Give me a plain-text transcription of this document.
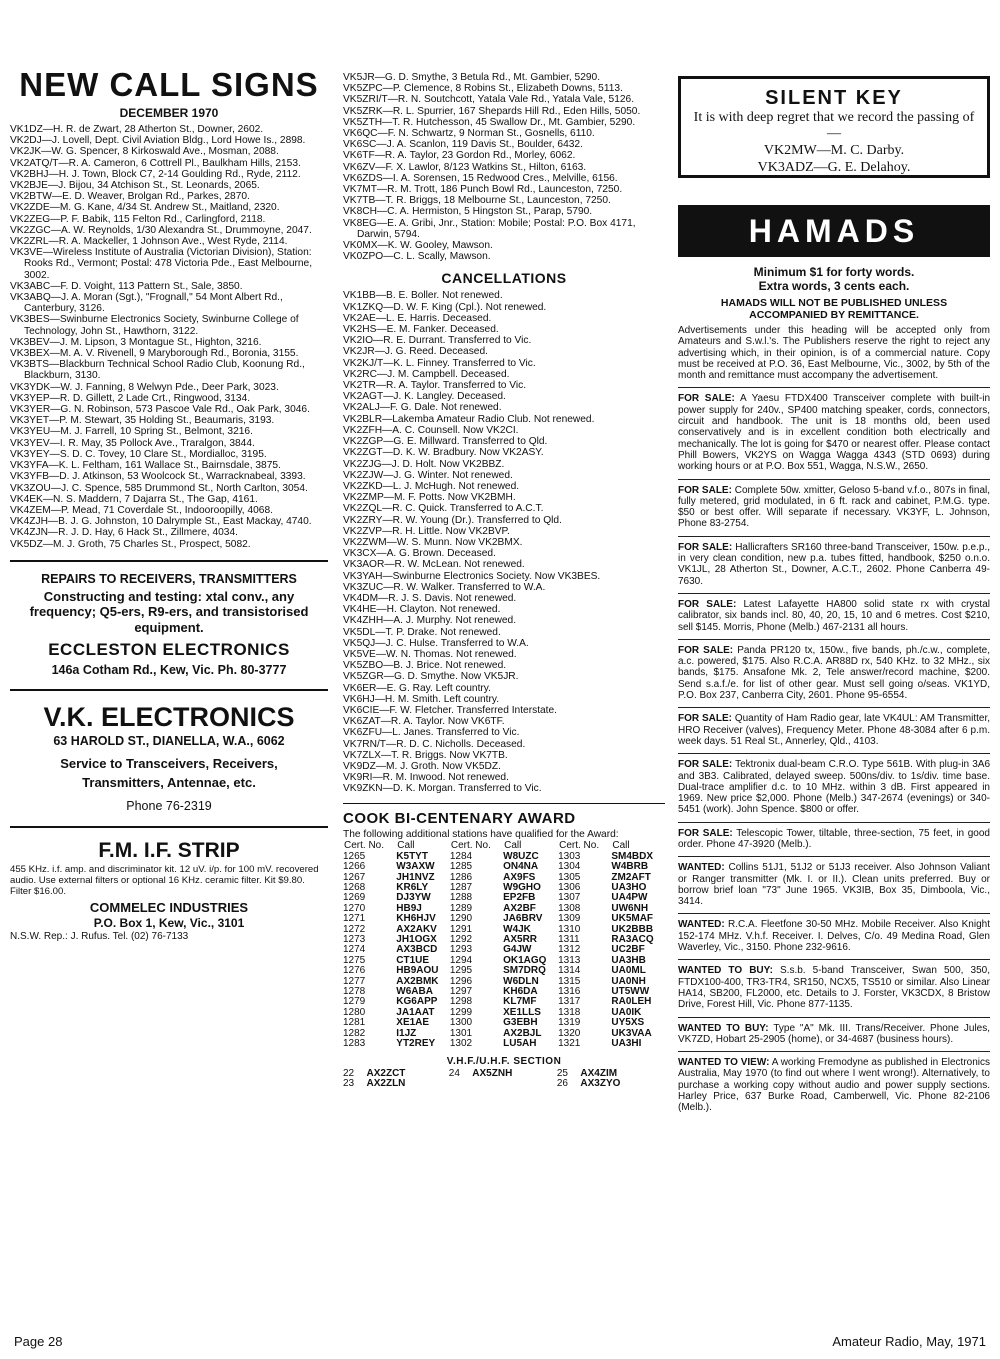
NEW CALL SIGNS
DECEMBER 1970

VK1DZ—H. R. de Zwart, 28 Atherton St., Downer, 2602.

VK2DJ—J. Lovell, Dept. Civil Aviation Bldg., Lord Howe Is., 2898.

VK2JK—W. G. Spencer, 8 Kirkoswald Ave., Mosman, 2088.

VK2ATQ/T—R. A. Cameron, 6 Cottrell Pl., Baulkham Hills, 2153.

VK2BHJ—H. J. Town, Block C7, 2-14 Goulding Rd., Ryde, 2112.

VK2BJE—J. Bijou, 34 Atchison St., St. Leonards, 2065.

VK2BTW—E. D. Weaver, Brolgan Rd., Parkes, 2870.

VK2ZDE—M. G. Kane, 4/34 St. Andrew St., Maitland, 2320.

VK2ZEG—P. F. Babik, 115 Felton Rd., Carlingford, 2118.

VK2ZGC—A. W. Reynolds, 1/30 Alexandra St., Drummoyne, 2047.

VK2ZRL—R. A. Mackeller, 1 Johnson Ave., West Ryde, 2114.

VK3VE—Wireless Institute of Australia (Victorian Division), Station: Rooks Rd., Vermont; Postal: 478 Victoria Pde., East Melbourne, 3002.

VK3ABC—F. D. Voight, 113 Pattern St., Sale, 3850.

VK3ABQ—J. A. Moran (Sgt.), "Frognall," 54 Mont Albert Rd., Canterbury, 3126.

VK3BES—Swinburne Electronics Society, Swinburne College of Technology, John St., Hawthorn, 3122.

VK3BEV—J. M. Lipson, 3 Montague St., Highton, 3216.

VK3BEX—M. A. V. Rivenell, 9 Maryborough Rd., Boronia, 3155.

VK3BTS—Blackburn Technical School Radio Club, Koonung Rd., Blackburn, 3130.

VK3YDK—W. J. Fanning, 8 Welwyn Pde., Deer Park, 3023.

VK3YEP—R. D. Gillett, 2 Lade Crt., Ringwood, 3134.

VK3YER—G. N. Robinson, 573 Pascoe Vale Rd., Oak Park, 3046.

VK3YET—P. M. Stewart, 35 Holding St., Beaumaris, 3193.

VK3YEU—M. J. Farrell, 10 Spring St., Belmont, 3216.

VK3YEV—I. R. May, 35 Pollock Ave., Traralgon, 3844.

VK3YEY—S. D. C. Tovey, 10 Clare St., Mordialloc, 3195.

VK3YFA—K. L. Feltham, 161 Wallace St., Bairnsdale, 3875.

VK3YFB—D. J. Atkinson, 53 Woolcock St., Warracknabeal, 3393.

VK3ZOU—J. C. Spence, 585 Drummond St., North Carlton, 3054.

VK4EK—N. S. Maddern, 7 Dajarra St., The Gap, 4161.

VK4ZEM—P. Mead, 71 Coverdale St., Indooroopilly, 4068.

VK4ZJH—B. J. G. Johnston, 10 Dalrymple St., East Mackay, 4740.

VK4ZJN—R. J. D. Hay, 6 Hack St., Zillmere, 4034.

VK5DZ—M. J. Groth, 75 Charles St., Prospect, 5082.

REPAIRS TO RECEIVERS, TRANSMITTERS
Constructing and testing: xtal conv., any frequency; Q5-ers, R9-ers, and transistorised equipment.
ECCLESTON ELECTRONICS
146a Cotham Rd., Kew, Vic. Ph. 80-3777
V.K. ELECTRONICS
63 HAROLD ST., DIANELLA, W.A., 6062
Service to Transceivers, Receivers, Transmitters, Antennae, etc.
Phone 76-2319
F.M. I.F. STRIP
455 KHz. i.f. amp. and discriminator kit. 12 uV. i/p. for 100 mV. recovered audio. Use external filters or optional 16 KHz. ceramic filter. Kit $9.80. Filter $16.00.
COMMELEC INDUSTRIES
P.O. Box 1, Kew, Vic., 3101
N.S.W. Rep.: J. Rufus. Tel. (02) 76-7133

VK5JR—G. D. Smythe, 3 Betula Rd., Mt. Gambier, 5290.

VK5ZPC—P. Clemence, 8 Robins St., Elizabeth Downs, 5113.

VK5ZRI/T—R. N. Soutchcott, Yatala Vale Rd., Yatala Vale, 5126.

VK5ZRK—R. L. Spurrier, 167 Shepards Hill Rd., Eden Hills, 5050.

VK5ZTH—T. R. Hutchesson, 45 Swallow Dr., Mt. Gambier, 5290.

VK6QC—F. N. Schwartz, 9 Norman St., Gosnells, 6110.

VK6SC—J. A. Scanlon, 119 Davis St., Boulder, 6432.

VK6TF—R. A. Taylor, 23 Gordon Rd., Morley, 6062.

VK6ZV—F. X. Lawlor, 8/123 Watkins St., Hilton, 6163.

VK6ZDS—I. A. Sorensen, 15 Redwood Cres., Melville, 6156.

VK7MT—R. M. Trott, 186 Punch Bowl Rd., Launceston, 7250.

VK7TB—T. R. Briggs, 18 Melbourne St., Launceston, 7250.

VK8CH—C. A. Hermiston, 5 Hingston St., Parap, 5790.

VK8EG—E. A. Gribi, Jnr., Station: Mobile; Postal: P.O. Box 4171, Darwin, 5794.

VK0MX—K. W. Gooley, Mawson.

VK0ZPO—C. L. Scally, Mawson.

CANCELLATIONS

VK1BB—B. E. Boller. Not renewed.

VK1ZKQ—D. W. F. King (Cpl.). Not renewed.

VK2AE—L. E. Harris. Deceased.

VK2HS—E. M. Fanker. Deceased.

VK2IO—R. E. Durrant. Transferred to Vic.

VK2JR—J. G. Reed. Deceased.

VK2KJ/T—K. L. Finney. Transferred to Vic.

VK2RC—J. M. Campbell. Deceased.

VK2TR—R. A. Taylor. Transferred to Vic.

VK2AGT—J. K. Langley. Deceased.

VK2ALJ—F. G. Dale. Not renewed.

VK2BLR—Lakemba Amateur Radio Club. Not renewed.

VK2ZFH—A. C. Counsell. Now VK2CI.

VK2ZGP—G. E. Millward. Transferred to Qld.

VK2ZGT—D. K. W. Bradbury. Now VK2ASY.

VK2ZJG—J. D. Holt. Now VK2BBZ.

VK2ZJW—J. G. Winter. Not renewed.

VK2ZKD—L. J. McHugh. Not renewed.

VK2ZMP—M. F. Potts. Now VK2BMH.

VK2ZQL—R. C. Quick. Transferred to A.C.T.

VK2ZRY—R. W. Young (Dr.). Transferred to Qld.

VK2ZVP—R. H. Little. Now VK2BVP.

VK2ZWM—W. S. Munn. Now VK2BMX.

VK3CX—A. G. Brown. Deceased.

VK3AOR—R. W. McLean. Not renewed.

VK3YAH—Swinburne Electronics Society. Now VK3BES.

VK3ZUC—R. W. Walker. Transferred to W.A.

VK4DM—R. J. S. Davis. Not renewed.

VK4HE—H. Clayton. Not renewed.

VK4ZHH—A. J. Murphy. Not renewed.

VK5DL—T. P. Drake. Not renewed.

VK5QJ—J. C. Hulse. Transferred to W.A.

VK5VE—W. N. Thomas. Not renewed.

VK5ZBO—B. J. Brice. Not renewed.

VK5ZGR—G. D. Smythe. Now VK5JR.

VK6ER—E. G. Ray. Left country.

VK6HJ—H. M. Smith. Left country.

VK6CIE—F. W. Fletcher. Transferred Interstate.

VK6ZAT—R. A. Taylor. Now VK6TF.

VK6ZFU—L. Janes. Transferred to Vic.

VK7RN/T—R. D. C. Nicholls. Deceased.

VK7ZLX—T. R. Briggs. Now VK7TB.

VK9DZ—M. J. Groth. Now VK5DZ.

VK9RI—R. M. Inwood. Not renewed.

VK9ZKN—D. K. Morgan. Transferred to Vic.

COOK BI-CENTENARY AWARD
The following additional stations have qualified for the Award:
Cert. No.	Call	Cert. No.	Call	Cert. No.	Call
1265	K5TYT	1284	W8UZC	1303	SM4BDX
1266	W3AXW	1285	ON4NA	1304	W4BRB
1267	JH1NVZ	1286	AX9FS	1305	ZM2AFT
1268	KR6LY	1287	W9GHO	1306	UA3HO
1269	DJ3YW	1288	EP2FB	1307	UA4PW
1270	HB9J	1289	AX2BF	1308	UW6NH
1271	KH6HJV	1290	JA6BRV	1309	UK5MAF
1272	AX2AKV	1291	W4JK	1310	UK2BBB
1273	JH1OGX	1292	AX5RR	1311	RA3ACQ
1274	AX3BCD	1293	G4JW	1312	UC2BF
1275	CT1UE	1294	OK1AGQ	1313	UA3HB
1276	HB9AOU	1295	SM7DRQ	1314	UA0ML
1277	AX2BMK	1296	W6DLN	1315	UA0NH
1278	W6ABA	1297	KH6DA	1316	UT5WW
1279	KG6APP	1298	KL7MF	1317	RA0LEH
1280	JA1AAT	1299	XE1LLS	1318	UA0IK
1281	XE1AE	1300	G3EBH	1319	UY5XS
1282	I1JZ	1301	AX2BJL	1320	UK3VAA
1283	YT2REY	1302	LU5AH	1321	UA3HI
V.H.F./U.H.F. SECTION
22	AX2ZCT	24	AX5ZNH	25	AX4ZIM
23	AX2ZLN			26	AX3ZYO
SILENT KEY
It is with deep regret that we record the passing of—
VK2MW—M. C. Darby.
VK3ADZ—G. E. Delahoy.
HAMADS
Minimum $1 for forty words.
Extra words, 3 cents each.
HAMADS WILL NOT BE PUBLISHED UNLESS ACCOMPANIED BY REMITTANCE.
Advertisements under this heading will be accepted only from Amateurs and S.w.l.'s. The Publishers reserve the right to reject any advertising which, in their opinion, is of a commercial nature. Copy must be received at P.O. 36, East Melbourne, Vic., 3002, by 5th of the month and remittance must accompany the advertisement.
FOR SALE: A Yaesu FTDX400 Transceiver complete with built-in power supply for 240v., SP400 matching speaker, cords, connectors, circuit and handbook. The unit is 18 months old, been used conservatively and is in excellent condition both electrically and mechanically. The lot is going for $470 or nearest offer. Please contact Phill Bowers, VK2YS on Wagga Wagga 4343 (STD 0693) during working hours or at P.O. Box 551, Wagga, N.S.W., 2650.
FOR SALE: Complete 50w. xmitter, Geloso 5-band v.f.o., 807s in final, fully metered, grid modulated, in 6 ft. rack and cabinet, P.M.G. type. $50 or best offer. Will separate if necessary. VK3YF, L. Johnson, Phone 83-2754.
FOR SALE: Hallicrafters SR160 three-band Transceiver, 150w. p.e.p., in very clean condition, new p.a. tubes fitted, handbook, $250 o.n.o. VK1JL, 28 Atherton St., Downer, A.C.T., 2602. Phone Canberra 49-7630.
FOR SALE: Latest Lafayette HA800 solid state rx with crystal calibrator, six bands incl. 80, 40, 20, 15, 10 and 6 metres. Cost $210, sell $145. Morris, Phone (Melb.) 467-2131 all hours.
FOR SALE: Panda PR120 tx, 150w., five bands, ph./c.w., complete, a.c. powered, $175. Also R.C.A. AR88D rx, 540 KHz. to 32 MHz., six bands, $175. Ansafone Mk. 2, Tele answer/record machine, $200. Send s.a.f./e. for list of other gear. Must sell going o/seas. VK1YD, P.O. Box 237, Canberra City, 2601. Phone 95-6554.
FOR SALE: Quantity of Ham Radio gear, late VK4UL: AM Transmitter, HRO Receiver (valves), Frequency Meter. Phone 48-3084 after 6 p.m. week days. 51 Real St., Annerley, Qld., 4103.
FOR SALE: Tektronix dual-beam C.R.O. Type 561B. With plug-in 3A6 and 3B3. Calibrated, delayed sweep. 500ns/div. to 1s/div. time base. Dual-trace amplifier d.c. to 10 MHz. within 3 dB. First appeared in 1969. New price $2,000. Phone (Melb.) 347-2674 (evenings) or 340-5451 (work). John Spence. $800 or offer.
FOR SALE: Telescopic Tower, tiltable, three-section, 75 feet, in good order. Phone 47-3920 (Melb.).
WANTED: Collins 51J1, 51J2 or 51J3 receiver. Also Johnson Valiant or Ranger transmitter (Mk. I. or II.). Clean units preferred. Buy or borrow brief loan "73" June 1965. VK3IB, Box 35, Dimboola, Vic., 3414.
WANTED: R.C.A. Fleetfone 30-50 MHz. Mobile Receiver. Also Knight 152-174 MHz. V.h.f. Receiver. I. Delves, C/o. 49 Medina Road, Glen Waverley, Vic., 3150. Phone 232-9616.
WANTED TO BUY: S.s.b. 5-band Transceiver, Swan 500, 350, FTDX100-400, TR3-TR4, SR150, NCX5, TS510 or similar. Also Linear HA14, SB200, FL2000, etc. Details to J. Forster, VK3CDX, 8 Bristow Drive, Forest Hill, Vic. Phone 877-1135.
WANTED TO BUY: Type "A" Mk. III. Trans/Receiver. Phone Jules, VK7ZD, Hobart 25-2905 (home), or 34-4687 (business hours).
WANTED TO VIEW: A working Fremodyne as published in Electronics Australia, May 1970 (to find out where I went wrong!). Alternatively, to purchase a working copy without audio and power supply sections. Harley Price, 637 Burke Road, Camberwell, Vic. Phone 82-2106 (Melb.).
Page 28	Amateur Radio, May, 1971
